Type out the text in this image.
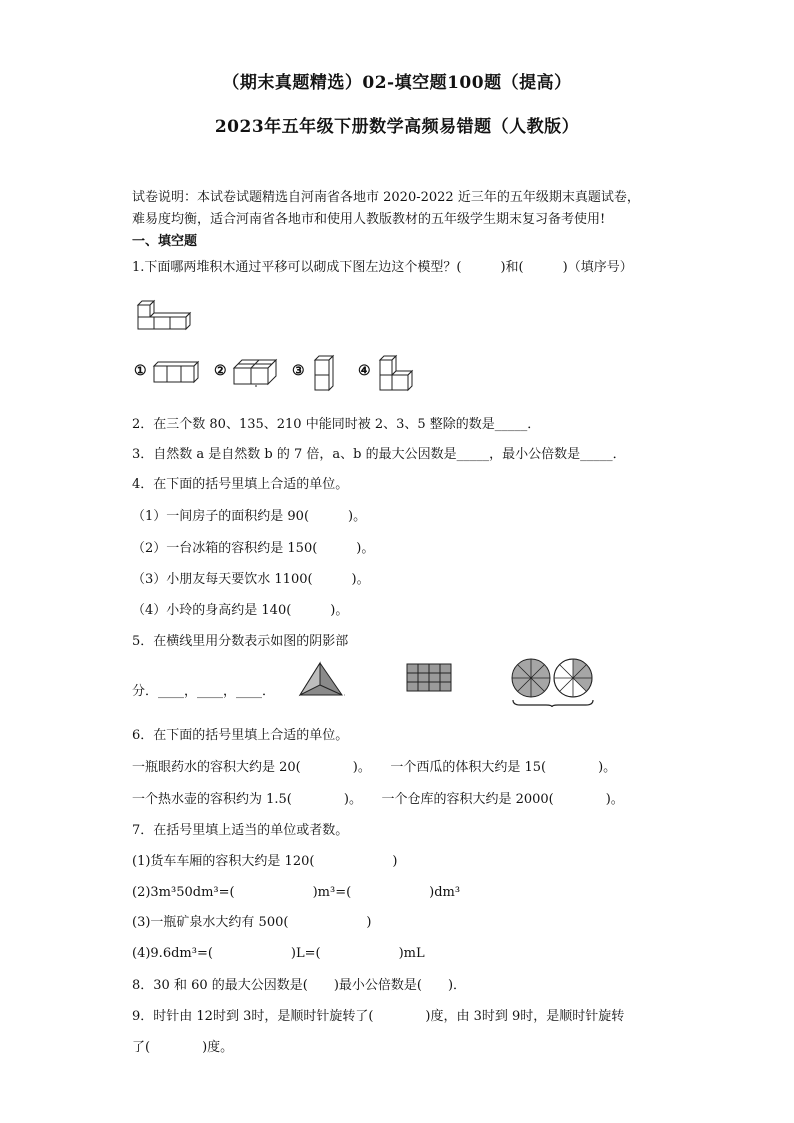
（期末真题精选）02-填空题100题（提高）
2023年五年级下册数学高频易错题（人教版）
试卷说明：本试卷试题精选自河南省各地市 2020-2022 近三年的五年级期末真题试卷，
难易度均衡，适合河南省各地市和使用人教版教材的五年级学生期末复习备考使用!
一、填空题
1.下面哪两堆积木通过平移可以砌成下图左边这个模型？(　　　)和(　　　)（填序号）
①	②	③	④
2．在三个数 80、135、210 中能同时被 2、3、5 整除的数是_____．
3．自然数 a 是自然数 b 的 7 倍，a、b 的最大公因数是_____，最小公倍数是_____．
4．在下面的括号里填上合适的单位。
（1）一间房子的面积约是 90(　　　)。
（2）一台冰箱的容积约是 150(　　　)。
（3）小朋友每天要饮水 1100(　　　)。
（4）小玲的身高约是 140(　　　)。
5．在横线里用分数表示如图的阴影部
分．____，____，____．
6．在下面的括号里填上合适的单位。
一瓶眼药水的容积大约是 20(　　　　)。　　一个西瓜的体积大约是 15(　　　　)。
一个热水壶的容积约为 1.5(　　　　)。　　一个仓库的容积大约是 2000(　　　　)。
7．在括号里填上适当的单位或者数。
(1)货车车厢的容积大约是 120(　　　　　　)
(2)3m³50dm³=(　　　　　　)m³=(　　　　　　)dm³
(3)一瓶矿泉水大约有 500(　　　　　　)
(4)9.6dm³=(　　　　　　)L=(　　　　　　)mL
8．30 和 60 的最大公因数是(　　)最小公倍数是(　　)．
9．时针由 12时到 3时，是顺时针旋转了(　　　　)度，由 3时到 9时，是顺时针旋转
了(　　　　)度。
